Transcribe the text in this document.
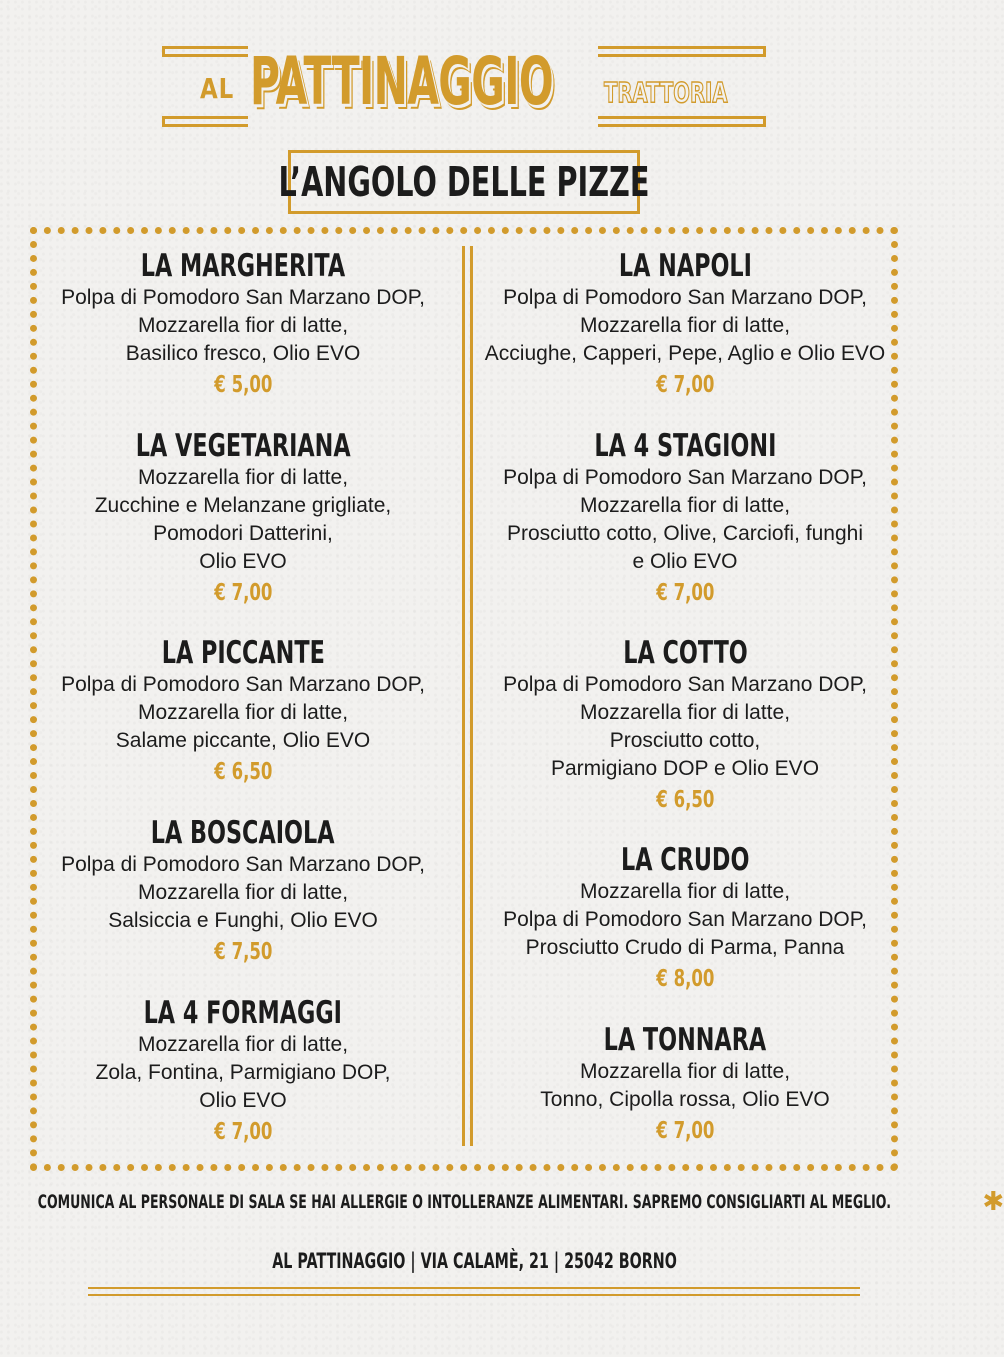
AL PATTINAGGIO TRATTORIA
L’ANGOLO DELLE PIZZE
LA MARGHERITA
Polpa di Pomodoro San Marzano DOP,
Mozzarella fior di latte,
Basilico fresco, Olio EVO
€ 5,00
LA VEGETARIANA
Mozzarella fior di latte,
Zucchine e Melanzane grigliate,
Pomodori Datterini,
Olio EVO
€ 7,00
LA PICCANTE
Polpa di Pomodoro San Marzano DOP,
Mozzarella fior di latte,
Salame piccante, Olio EVO
€ 6,50
LA BOSCAIOLA
Polpa di Pomodoro San Marzano DOP,
Mozzarella fior di latte,
Salsiccia e Funghi, Olio EVO
€ 7,50
LA 4 FORMAGGI
Mozzarella fior di latte,
Zola, Fontina, Parmigiano DOP,
Olio EVO
€ 7,00
LA NAPOLI
Polpa di Pomodoro San Marzano DOP,
Mozzarella fior di latte,
Acciughe, Capperi, Pepe, Aglio e Olio EVO
€ 7,00
LA 4 STAGIONI
Polpa di Pomodoro San Marzano DOP,
Mozzarella fior di latte,
Prosciutto cotto, Olive, Carciofi, funghi
e Olio EVO
€ 7,00
LA COTTO
Polpa di Pomodoro San Marzano DOP,
Mozzarella fior di latte,
Prosciutto cotto,
Parmigiano DOP e Olio EVO
€ 6,50
LA CRUDO
Mozzarella fior di latte,
Polpa di Pomodoro San Marzano DOP,
Prosciutto Crudo di Parma, Panna
€ 8,00
LA TONNARA
Mozzarella fior di latte,
Tonno, Cipolla rossa, Olio EVO
€ 7,00
COMUNICA AL PERSONALE DI SALA SE HAI ALLERGIE O INTOLLERANZE ALIMENTARI. SAPREMO CONSIGLIARTI AL MEGLIO.	✱
AL PATTINAGGIO | VIA CALAMÈ, 21 | 25042 BORNO
